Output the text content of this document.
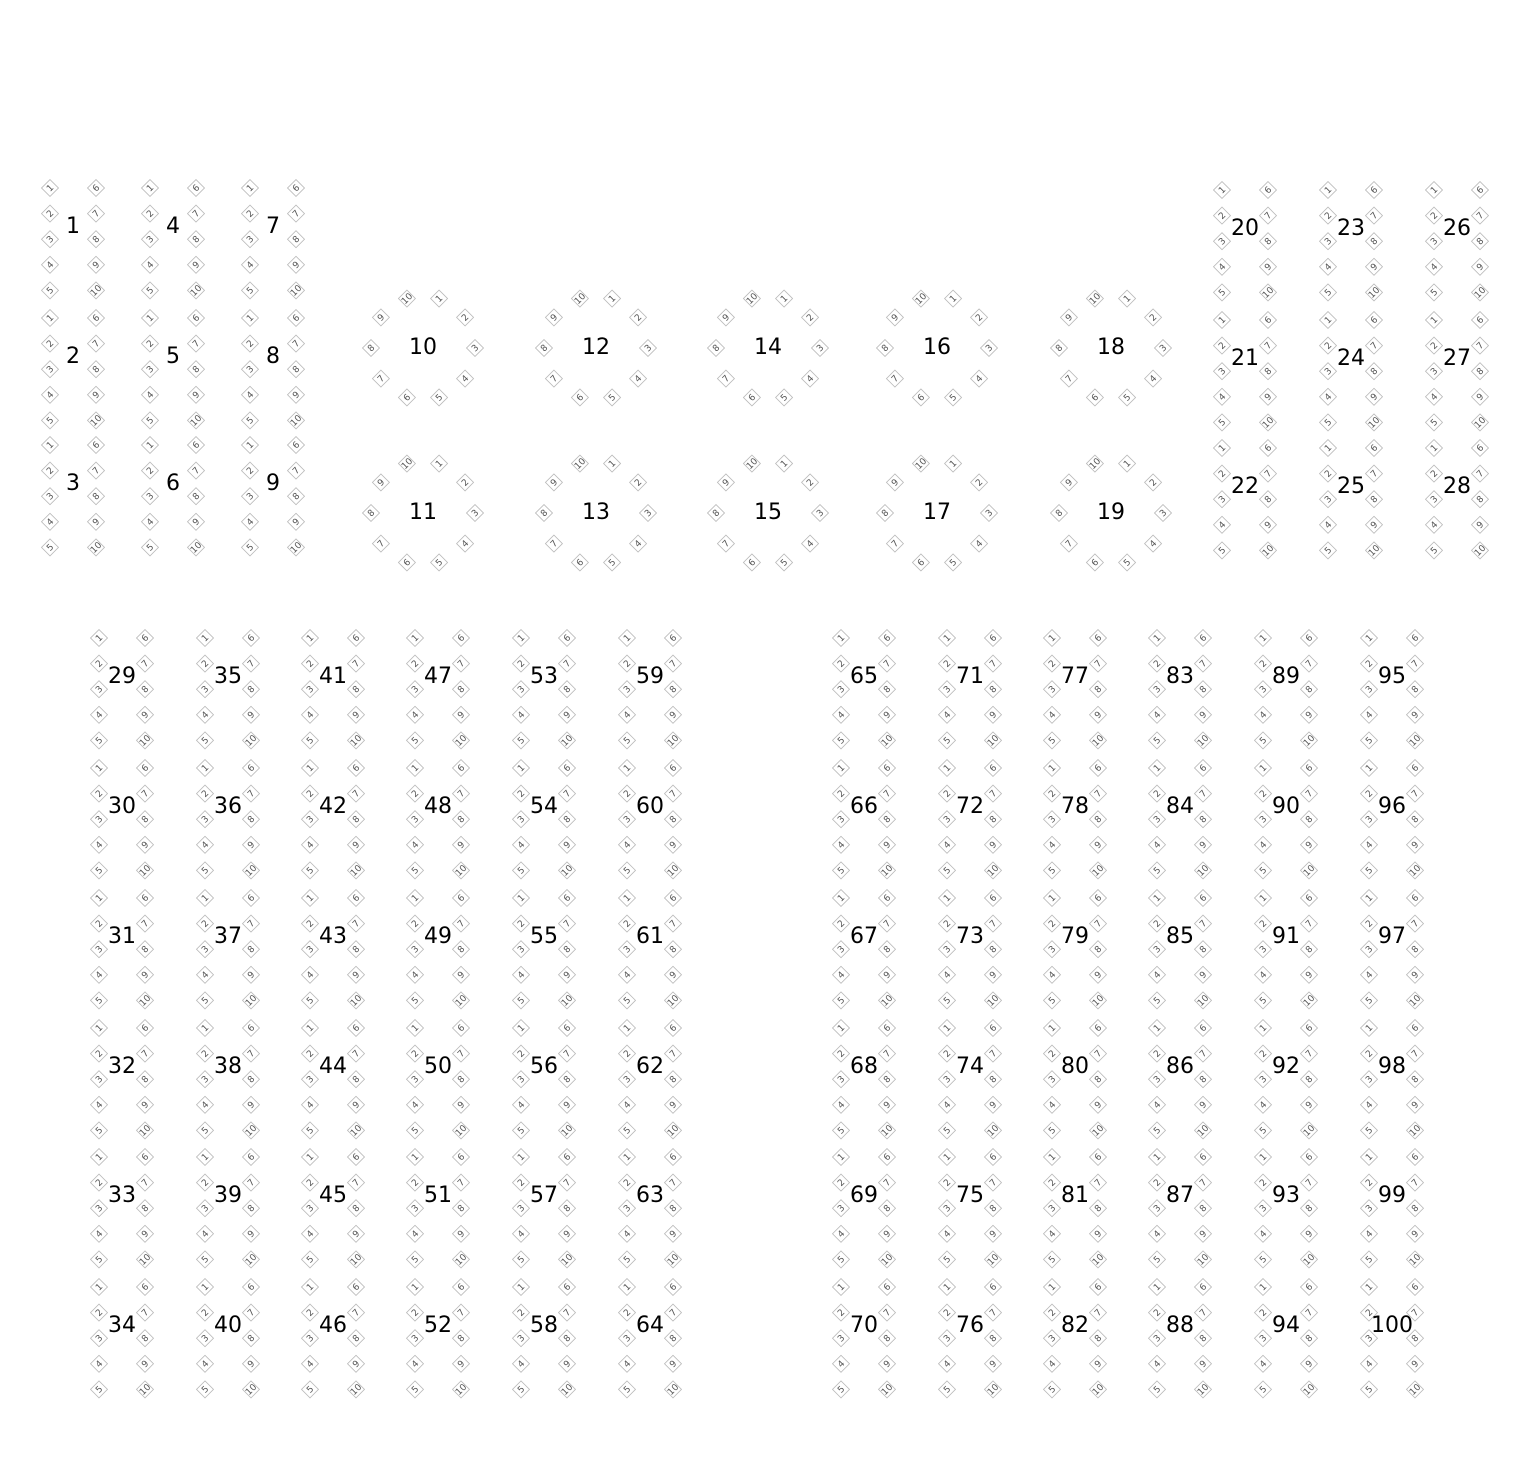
1	6
2	7
3	8
4	9
5	10
1
1	6
2	7
3	8
4	9
5	10
2
1	6
2	7
3	8
4	9
5	10
3
1	6
2	7
3	8
4	9
5	10
4
1	6
2	7
3	8
4	9
5	10
5
1	6
2	7
3	8
4	9
5	10
6
1	6
2	7
3	8
4	9
5	10
7
1	6
2	7
3	8
4	9
5	10
8
1	6
2	7
3	8
4	9
5	10
9
1
2
3
4
5
6
7
8
9
10
10
1
2
3
4
5
6
7
8
9
10
11
1
2
3
4
5
6
7
8
9
10
12
1
2
3
4
5
6
7
8
9
10
13
1
2
3
4
5
6
7
8
9
10
14
1
2
3
4
5
6
7
8
9
10
15
1
2
3
4
5
6
7
8
9
10
16
1
2
3
4
5
6
7
8
9
10
17
1
2
3
4
5
6
7
8
9
10
18
1
2
3
4
5
6
7
8
9
10
19
1	6
2	7
3	8
4	9
5	10
20
1	6
2	7
3	8
4	9
5	10
21
1	6
2	7
3	8
4	9
5	10
22
1	6
2	7
3	8
4	9
5	10
23
1	6
2	7
3	8
4	9
5	10
24
1	6
2	7
3	8
4	9
5	10
25
1	6
2	7
3	8
4	9
5	10
26
1	6
2	7
3	8
4	9
5	10
27
1	6
2	7
3	8
4	9
5	10
28
1	6
2	7
3	8
4	9
5	10
29
1	6
2	7
3	8
4	9
5	10
30
1	6
2	7
3	8
4	9
5	10
31
1	6
2	7
3	8
4	9
5	10
32
1	6
2	7
3	8
4	9
5	10
33
1	6
2	7
3	8
4	9
5	10
34
1	6
2	7
3	8
4	9
5	10
35
1	6
2	7
3	8
4	9
5	10
36
1	6
2	7
3	8
4	9
5	10
37
1	6
2	7
3	8
4	9
5	10
38
1	6
2	7
3	8
4	9
5	10
39
1	6
2	7
3	8
4	9
5	10
40
1	6
2	7
3	8
4	9
5	10
41
1	6
2	7
3	8
4	9
5	10
42
1	6
2	7
3	8
4	9
5	10
43
1	6
2	7
3	8
4	9
5	10
44
1	6
2	7
3	8
4	9
5	10
45
1	6
2	7
3	8
4	9
5	10
46
1	6
2	7
3	8
4	9
5	10
47
1	6
2	7
3	8
4	9
5	10
48
1	6
2	7
3	8
4	9
5	10
49
1	6
2	7
3	8
4	9
5	10
50
1	6
2	7
3	8
4	9
5	10
51
1	6
2	7
3	8
4	9
5	10
52
1	6
2	7
3	8
4	9
5	10
53
1	6
2	7
3	8
4	9
5	10
54
1	6
2	7
3	8
4	9
5	10
55
1	6
2	7
3	8
4	9
5	10
56
1	6
2	7
3	8
4	9
5	10
57
1	6
2	7
3	8
4	9
5	10
58
1	6
2	7
3	8
4	9
5	10
59
1	6
2	7
3	8
4	9
5	10
60
1	6
2	7
3	8
4	9
5	10
61
1	6
2	7
3	8
4	9
5	10
62
1	6
2	7
3	8
4	9
5	10
63
1	6
2	7
3	8
4	9
5	10
64
1	6
2	7
3	8
4	9
5	10
65
1	6
2	7
3	8
4	9
5	10
66
1	6
2	7
3	8
4	9
5	10
67
1	6
2	7
3	8
4	9
5	10
68
1	6
2	7
3	8
4	9
5	10
69
1	6
2	7
3	8
4	9
5	10
70
1	6
2	7
3	8
4	9
5	10
71
1	6
2	7
3	8
4	9
5	10
72
1	6
2	7
3	8
4	9
5	10
73
1	6
2	7
3	8
4	9
5	10
74
1	6
2	7
3	8
4	9
5	10
75
1	6
2	7
3	8
4	9
5	10
76
1	6
2	7
3	8
4	9
5	10
77
1	6
2	7
3	8
4	9
5	10
78
1	6
2	7
3	8
4	9
5	10
79
1	6
2	7
3	8
4	9
5	10
80
1	6
2	7
3	8
4	9
5	10
81
1	6
2	7
3	8
4	9
5	10
82
1	6
2	7
3	8
4	9
5	10
83
1	6
2	7
3	8
4	9
5	10
84
1	6
2	7
3	8
4	9
5	10
85
1	6
2	7
3	8
4	9
5	10
86
1	6
2	7
3	8
4	9
5	10
87
1	6
2	7
3	8
4	9
5	10
88
1	6
2	7
3	8
4	9
5	10
89
1	6
2	7
3	8
4	9
5	10
90
1	6
2	7
3	8
4	9
5	10
91
1	6
2	7
3	8
4	9
5	10
92
1	6
2	7
3	8
4	9
5	10
93
1	6
2	7
3	8
4	9
5	10
94
1	6
2	7
3	8
4	9
5	10
95
1	6
2	7
3	8
4	9
5	10
96
1	6
2	7
3	8
4	9
5	10
97
1	6
2	7
3	8
4	9
5	10
98
1	6
2	7
3	8
4	9
5	10
99
1	6
2	7
3	8
4	9
5	10
100
